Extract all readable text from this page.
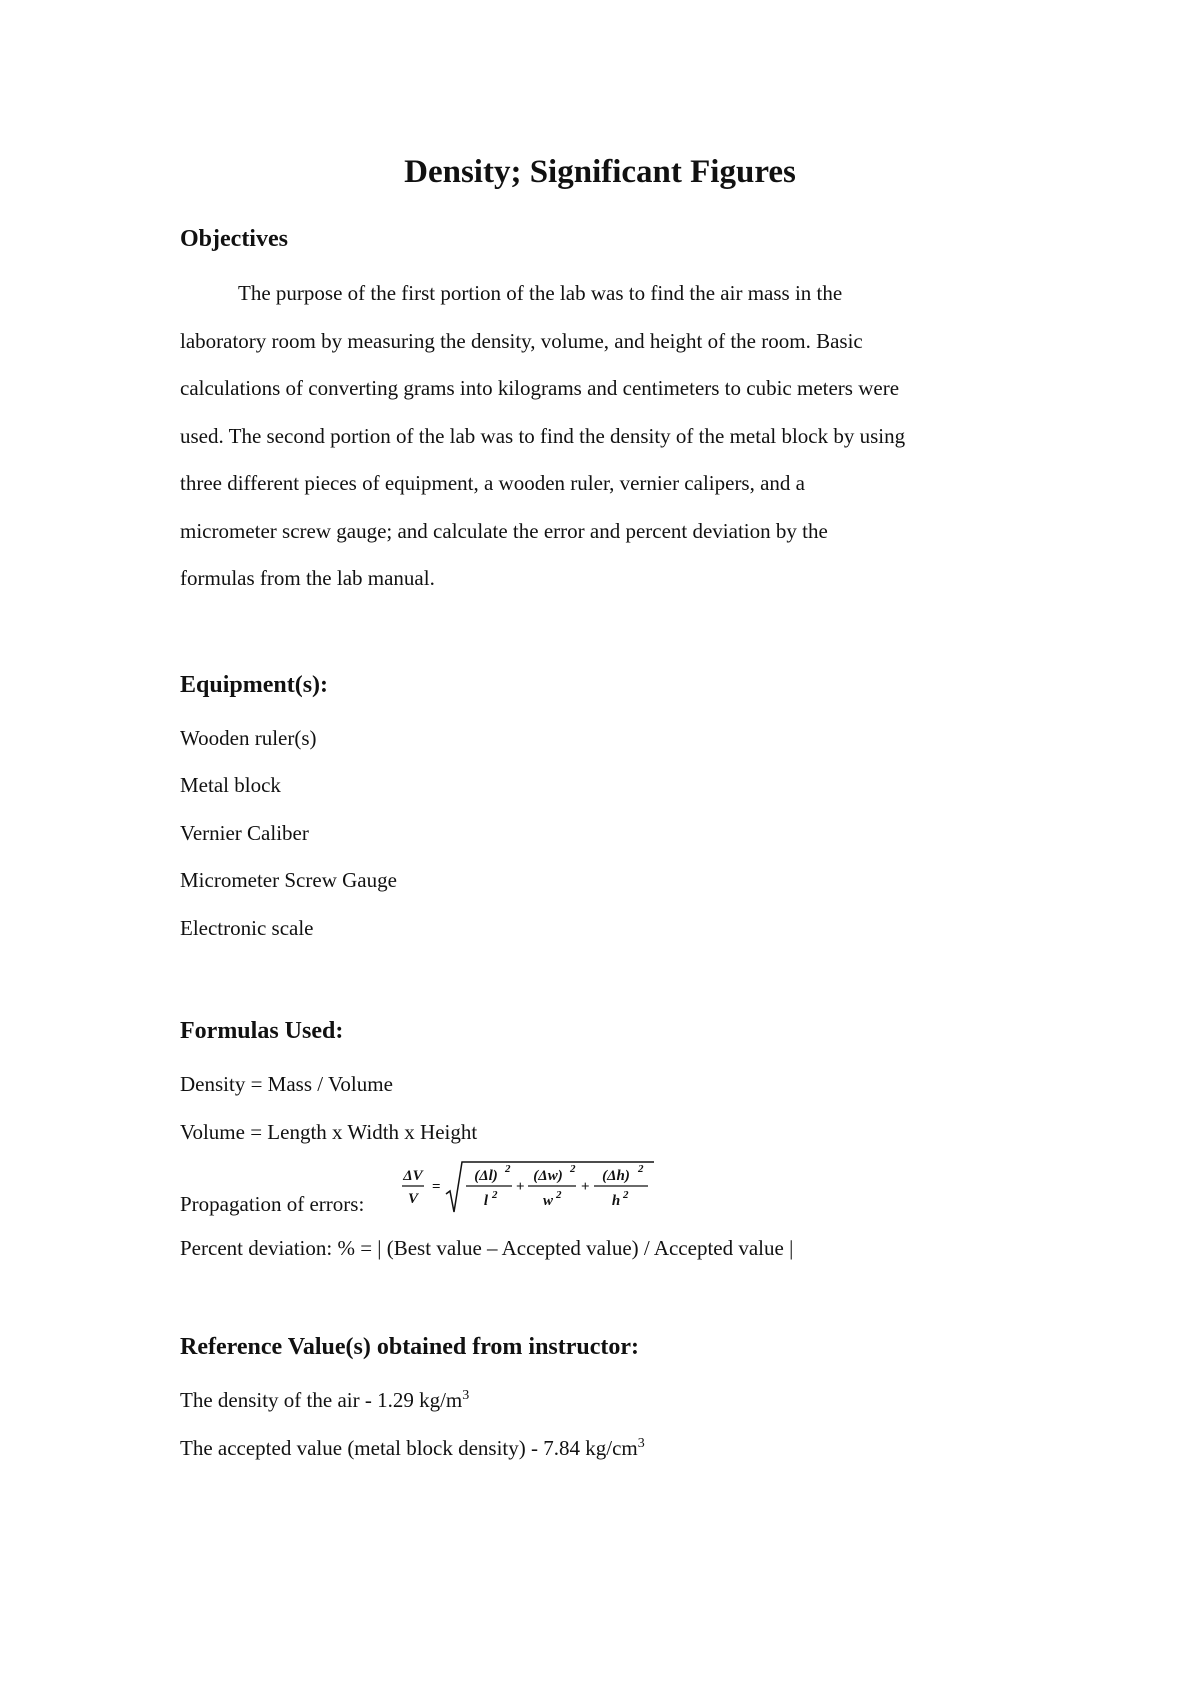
Density; Significant Figures
Objectives
The purpose of the first portion of the lab was to find the air mass in the
laboratory room by measuring the density, volume, and height of the room. Basic
calculations of converting grams into kilograms and centimeters to cubic meters were
used. The second portion of the lab was to find the density of the metal block by using
three different pieces of equipment, a wooden ruler, vernier calipers, and a
micrometer screw gauge; and calculate the error and percent deviation by the
formulas from the lab manual.
Equipment(s):
Wooden ruler(s)
Metal block
Vernier Caliber
Micrometer Screw Gauge
Electronic scale
Formulas Used:
Density = Mass / Volume
Volume = Length x Width x Height
Propagation of errors:
ΔV
V
=
(Δl) 2
l 2 +
(Δw) 2
w 2 +
(Δh) 2
h 2
Percent deviation: % = | (Best value – Accepted value) / Accepted value |
Reference Value(s) obtained from instructor:
The density of the air - 1.29 $kg/m^3$
The accepted value (metal block density) - 7.84 $kg/cm^3$
